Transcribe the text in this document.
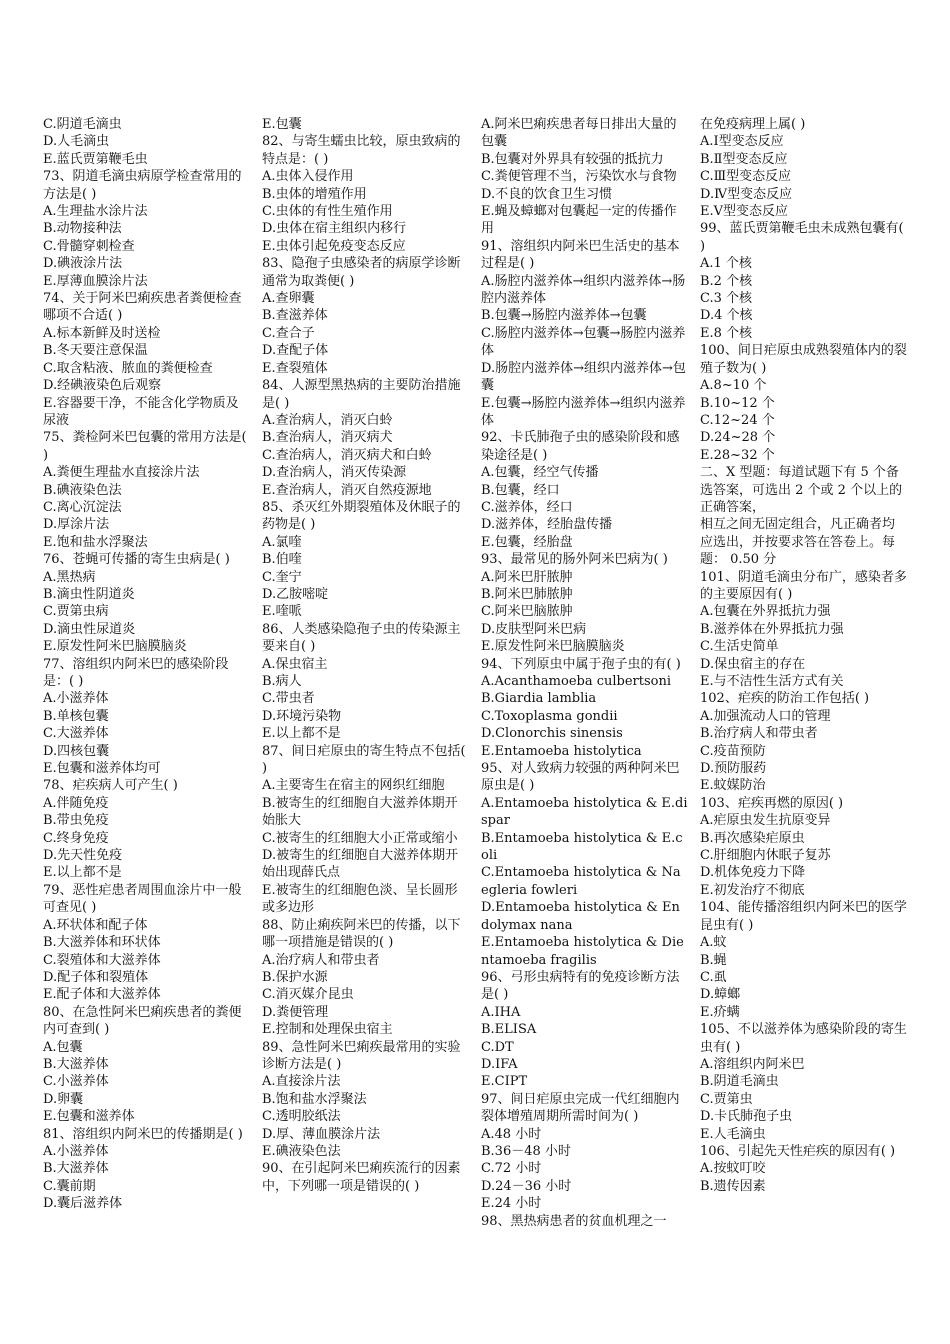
C.阴道毛滴虫
D.人毛滴虫
E.蓝氏贾第鞭毛虫
73、阴道毛滴虫病原学检查常用的方法是( )
A.生理盐水涂片法
B.动物接种法
C.骨髓穿刺检查
D.碘液涂片法
E.厚薄血膜涂片法
74、关于阿米巴痢疾患者粪便检查哪项不合适( )
A.标本新鲜及时送检
B.冬天要注意保温
C.取含粘液、脓血的粪便检查
D.经碘液染色后观察
E.容器要干净，不能含化学物质及尿液
75、粪检阿米巴包囊的常用方法是( )
A.粪便生理盐水直接涂片法
B.碘液染色法
C.离心沉淀法
D.厚涂片法
E.饱和盐水浮聚法
76、苍蝇可传播的寄生虫病是( )
A.黑热病
B.滴虫性阴道炎
C.贾第虫病
D.滴虫性尿道炎
E.原发性阿米巴脑膜脑炎
77、溶组织内阿米巴的感染阶段是：( )
A.小滋养体
B.单核包囊
C.大滋养体
D.四核包囊
E.包囊和滋养体均可
78、疟疾病人可产生( )
A.伴随免疫
B.带虫免疫
C.终身免疫
D.先天性免疫
E.以上都不是
79、恶性疟患者周围血涂片中一般可查见( )
A.环状体和配子体
B.大滋养体和环状体
C.裂殖体和大滋养体
D.配子体和裂殖体
E.配子体和大滋养体
80、在急性阿米巴痢疾患者的粪便内可查到( )
A.包囊
B.大滋养体
C.小滋养体
D.卵囊
E.包囊和滋养体
81、溶组织内阿米巴的传播期是( )
A.小滋养体
B.大滋养体
C.囊前期
D.囊后滋养体
E.包囊
82、与寄生蠕虫比较，原虫致病的特点是：( )
A.虫体入侵作用
B.虫体的增殖作用
C.虫体的有性生殖作用
D.虫体在宿主组织内移行
E.虫体引起免疫变态反应
83、隐孢子虫感染者的病原学诊断通常为取粪便( )
A.查卵囊
B.查滋养体
C.查合子
D.查配子体
E.查裂殖体
84、人源型黑热病的主要防治措施是( )
A.查治病人，消灭白蛉
B.查治病人，消灭病犬
C.查治病人，消灭病犬和白蛉
D.查治病人，消灭传染源
E.查治病人，消灭自然疫源地
85、杀灭红外期裂殖体及休眠子的药物是( )
A.氯喹
B.伯喹
C.奎宁
D.乙胺嘧啶
E.喹哌
86、人类感染隐孢子虫的传染源主要来自( )
A.保虫宿主
B.病人
C.带虫者
D.环境污染物
E.以上都不是
87、间日疟原虫的寄生特点不包括( )
A.主要寄生在宿主的网织红细胞
B.被寄生的红细胞自大滋养体期开始胀大
C.被寄生的红细胞大小正常或缩小
D.被寄生的红细胞自大滋养体期开始出现薛氏点
E.被寄生的红细胞色淡、呈长圆形或多边形
88、防止痢疾阿米巴的传播，以下哪一项措施是错误的( )
A.治疗病人和带虫者
B.保护水源
C.消灭媒介昆虫
D.粪便管理
E.控制和处理保虫宿主
89、急性阿米巴痢疾最常用的实验诊断方法是( )
A.直接涂片法
B.饱和盐水浮聚法
C.透明胶纸法
D.厚、薄血膜涂片法
E.碘液染色法
90、在引起阿米巴痢疾流行的因素中，下列哪一项是错误的( )
A.阿米巴痢疾患者每日排出大量的包囊
B.包囊对外界具有较强的抵抗力
C.粪便管理不当，污染饮水与食物
D.不良的饮食卫生习惯
E.蝇及蟑螂对包囊起一定的传播作用
91、溶组织内阿米巴生活史的基本过程是( )
A.肠腔内滋养体→组织内滋养体→肠腔内滋养体
B.包囊→肠腔内滋养体→包囊
C.肠腔内滋养体→包囊→肠腔内滋养体
D.肠腔内滋养体→组织内滋养体→包囊
E.包囊→肠腔内滋养体→组织内滋养体
92、卡氏肺孢子虫的感染阶段和感染途径是( )
A.包囊，经空气传播
B.包囊，经口
C.滋养体，经口
D.滋养体，经胎盘传播
E.包囊，经胎盘
93、最常见的肠外阿米巴病为( )
A.阿米巴肝脓肿
B.阿米巴肺脓肿
C.阿米巴脑脓肿
D.皮肤型阿米巴病
E.原发性阿米巴脑膜脑炎
94、下列原虫中属于孢子虫的有( )
A.Acanthamoeba culbertsoni
B.Giardia lamblia
C.Toxoplasma gondii
D.Clonorchis sinensis
E.Entamoeba histolytica
95、对人致病力较强的两种阿米巴原虫是( )
A.Entamoeba histolytica & E.dispar
B.Entamoeba histolytica & E.coli
C.Entamoeba histolytica & Naegleria fowleri
D.Entamoeba histolytica & Endolymax nana
E.Entamoeba histolytica & Dientamoeba fragilis
96、弓形虫病特有的免疫诊断方法是( )
A.IHA
B.ELISA
C.DT
D.IFA
E.CIPT
97、间日疟原虫完成一代红细胞内裂体增殖周期所需时间为( )
A.48 小时
B.36－48 小时
C.72 小时
D.24－36 小时
E.24 小时
98、黑热病患者的贫血机理之一
在免疫病理上属( )
A.Ⅰ型变态反应
B.Ⅱ型变态反应
C.Ⅲ型变态反应
D.Ⅳ型变态反应
E.Ⅴ型变态反应
99、蓝氏贾第鞭毛虫未成熟包囊有( )
A.1 个核
B.2 个核
C.3 个核
D.4 个核
E.8 个核
100、间日疟原虫成熟裂殖体内的裂殖子数为( )
A.8~10 个
B.10~12 个
C.12~24 个
D.24~28 个
E.28~32 个
二、X 型题：每道试题下有 5 个备选答案，可选出 2 个或 2 个以上的正确答案，
相互之间无固定组合，凡正确者均应选出，并按要求答在答卷上。每题： 0.50 分
101、阴道毛滴虫分布广，感染者多的主要原因有( )
A.包囊在外界抵抗力强
B.滋养体在外界抵抗力强
C.生活史简单
D.保虫宿主的存在
E.与不洁性生活方式有关
102、疟疾的防治工作包括( )
A.加强流动人口的管理
B.治疗病人和带虫者
C.疫苗预防
D.预防服药
E.蚊媒防治
103、疟疾再燃的原因( )
A.疟原虫发生抗原变异
B.再次感染疟原虫
C.肝细胞内休眠子复苏
D.机体免疫力下降
E.初发治疗不彻底
104、能传播溶组织内阿米巴的医学昆虫有( )
A.蚊
B.蝇
C.虱
D.蟑螂
E.疥螨
105、不以滋养体为感染阶段的寄生虫有( )
A.溶组织内阿米巴
B.阴道毛滴虫
C.贾第虫
D.卡氏肺孢子虫
E.人毛滴虫
106、引起先天性疟疾的原因有( )
A.按蚊叮咬
B.遗传因素
